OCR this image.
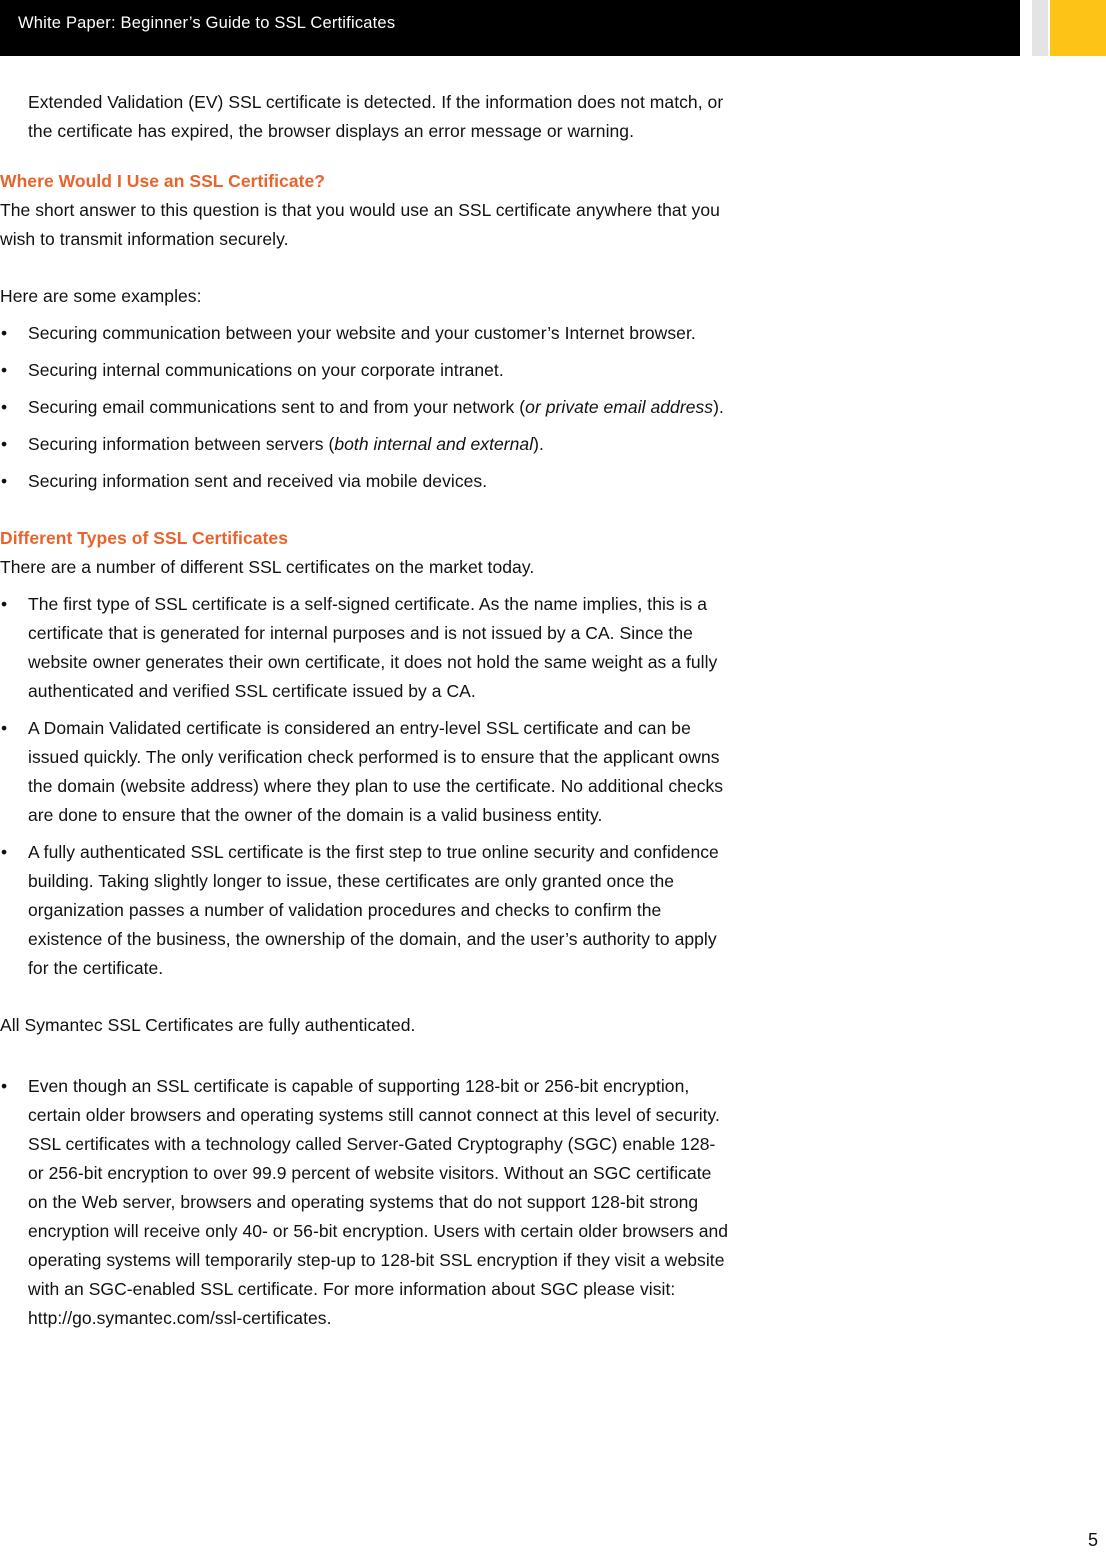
White Paper: Beginner’s Guide to SSL Certificates

Extended Validation (EV) SSL certificate is detected. If the information does not match, or the certificate has expired, the browser displays an error message or warning.

Where Would I Use an SSL Certificate?

The short answer to this question is that you would use an SSL certificate anywhere that you wish to transmit information securely.

Here are some examples:

• Securing communication between your website and your customer’s Internet browser.
• Securing internal communications on your corporate intranet.
• Securing email communications sent to and from your network (or private email address).
• Securing information between servers (both internal and external).
• Securing information sent and received via mobile devices.

Different Types of SSL Certificates

There are a number of different SSL certificates on the market today.

• The first type of SSL certificate is a self-signed certificate. As the name implies, this is a certificate that is generated for internal purposes and is not issued by a CA. Since the website owner generates their own certificate, it does not hold the same weight as a fully authenticated and verified SSL certificate issued by a CA.
• A Domain Validated certificate is considered an entry-level SSL certificate and can be issued quickly. The only verification check performed is to ensure that the applicant owns the domain (website address) where they plan to use the certificate. No additional checks are done to ensure that the owner of the domain is a valid business entity.
• A fully authenticated SSL certificate is the first step to true online security and confidence building. Taking slightly longer to issue, these certificates are only granted once the organization passes a number of validation procedures and checks to confirm the existence of the business, the ownership of the domain, and the user’s authority to apply for the certificate.

All Symantec SSL Certificates are fully authenticated.

• Even though an SSL certificate is capable of supporting 128-bit or 256-bit encryption, certain older browsers and operating systems still cannot connect at this level of security. SSL certificates with a technology called Server-Gated Cryptography (SGC) enable 128- or 256-bit encryption to over 99.9 percent of website visitors. Without an SGC certificate on the Web server, browsers and operating systems that do not support 128-bit strong encryption will receive only 40- or 56-bit encryption. Users with certain older browsers and operating systems will temporarily step-up to 128-bit SSL encryption if they visit a website with an SGC-enabled SSL certificate. For more information about SGC please visit: http://go.symantec.com/ssl-certificates.
5
